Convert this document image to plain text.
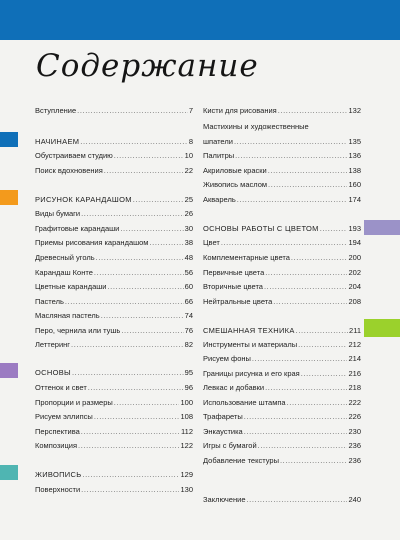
Содержание
Вступление .....	7
НАЧИНАЕМ .....	8
Обустраиваем студию .....	10
Поиск вдохновения .....	22
РИСУНОК КАРАНДАШОМ .....	25
Виды бумаги .....	26
Графитовые карандаши .....	30
Приемы рисования карандашом .....	38
Древесный уголь .....	48
Карандаш Конте .....	56
Цветные карандаши .....	60
Пастель .....	66
Масляная пастель .....	74
Перо, чернила или тушь .....	76
Леттеринг .....	82
ОСНОВЫ .....	95
Оттенок и свет .....	96
Пропорции и размеры .....	100
Рисуем эллипсы .....	108
Перспектива .....	112
Композиция .....	122
ЖИВОПИСЬ .....	129
Поверхности .....	130
Кисти для рисования .....	132
Мастихины и художественные
шпатели .....	135
Палитры .....	136
Акриловые краски .....	138
Живопись маслом .....	160
Акварель .....	174
ОСНОВЫ РАБОТЫ С ЦВЕТОМ .....	193
Цвет .....	194
Комплементарные цвета .....	200
Первичные цвета .....	202
Вторичные цвета .....	204
Нейтральные цвета .....	208
СМЕШАННАЯ ТЕХНИКА .....	211
Инструменты и материалы .....	212
Рисуем фоны .....	214
Границы рисунка и его края .....	216
Левкас и добавки .....	218
Использование штампа .....	222
Трафареты .....	226
Энкаустика .....	230
Игры с бумагой .....	236
Добавление текстуры .....	236
Заключение .....	240
